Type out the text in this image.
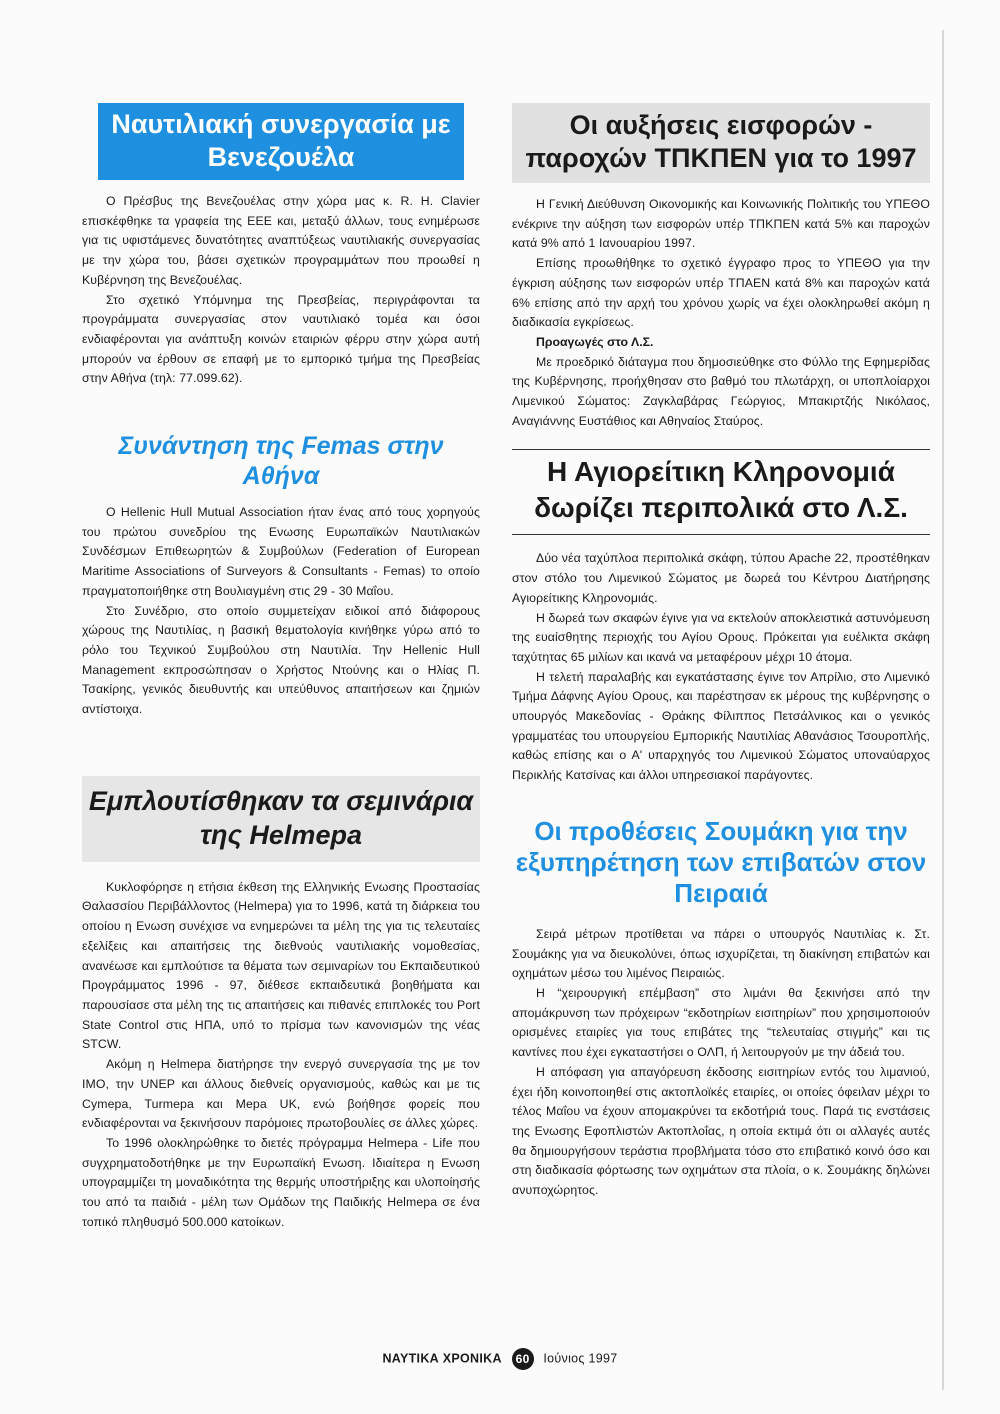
Ναυτιλιακή συνεργασία με Βενεζουέλα

Ο Πρέσβυς της Βενεζουέλας στην χώρα μας κ. R. H. Clavier επισκέφθηκε τα γραφεία της ΕΕΕ και, μεταξύ άλλων, τους ενημέρωσε για τις υφιστάμενες δυνατότητες αναπτύξεως ναυτιλιακής συνεργασίας με την χώρα του, βάσει σχετικών προγραμμάτων που προωθεί η Κυβέρνηση της Βενεζουέλας.

Στο σχετικό Υπόμνημα της Πρεσβείας, περιγράφονται τα προγράμματα συνεργασίας στον ναυτιλιακό τομέα και όσοι ενδιαφέρονται για ανάπτυξη κοινών εταιριών φέρρυ στην χώρα αυτή μπορούν να έρθουν σε επαφή με το εμπορικό τμήμα της Πρεσβείας στην Αθήνα (τηλ: 77.099.62).

Συνάντηση της Femas στην Αθήνα

Ο Hellenic Hull Mutual Association ήταν ένας από τους χορηγούς του πρώτου συνεδρίου της Ενωσης Ευρωπαϊκών Ναυτιλιακών Συνδέσμων Επιθεωρητών & Συμβούλων (Federation of European Maritime Associations of Surveyors & Consultants - Femas) το οποίο πραγματοποιήθηκε στη Βουλιαγμένη στις 29 - 30 Μαΐου.

Στο Συνέδριο, στο οποίο συμμετείχαν ειδικοί από διάφορους χώρους της Ναυτιλίας, η βασική θεματολογία κινήθηκε γύρω από το ρόλο του Τεχνικού Συμβούλου στη Ναυτιλία. Την Hellenic Hull Management εκπροσώπησαν ο Χρήστος Ντούνης και ο Ηλίας Π. Τσακίρης, γενικός διευθυντής και υπεύθυνος απαιτήσεων και ζημιών αντίστοιχα.

Εμπλουτίσθηκαν τα σεμινάρια της Helmepa

Κυκλοφόρησε η ετήσια έκθεση της Ελληνικής Ενωσης Προστασίας Θαλασσίου Περιβάλλοντος (Helmepa) για το 1996, κατά τη διάρκεια του οποίου η Ενωση συνέχισε να ενημερώνει τα μέλη της για τις τελευταίες εξελίξεις και απαιτήσεις της διεθνούς ναυτιλιακής νομοθεσίας, ανανέωσε και εμπλούτισε τα θέματα των σεμιναρίων του Εκπαιδευτικού Προγράμματος 1996 - 97, διέθεσε εκπαιδευτικά βοηθήματα και παρουσίασε στα μέλη της τις απαιτήσεις και πιθανές επιπλοκές του Port State Control στις ΗΠΑ, υπό το πρίσμα των κανονισμών της νέας STCW.

Ακόμη η Helmepa διατήρησε την ενεργό συνεργασία της με τον IMO, την UNEP και άλλους διεθνείς οργανισμούς, καθώς και με τις Cymepa, Turmepa και Mepa UK, ενώ βοήθησε φορείς που ενδιαφέρονται να ξεκινήσουν παρόμοιες πρωτοβουλίες σε άλλες χώρες.

Το 1996 ολοκληρώθηκε το διετές πρόγραμμα Helmepa - Life που συγχρηματοδοτήθηκε με την Ευρωπαϊκή Ενωση. Ιδιαίτερα η Ενωση υπογραμμίζει τη μοναδικότητα της θερμής υποστήριξης και υλοποίησής του από τα παιδιά - μέλη των Ομάδων της Παιδικής Helmepa σε ένα τοπικό πληθυσμό 500.000 κατοίκων.

Οι αυξήσεις εισφορών - παροχών ΤΠΚΠΕΝ για το 1997

Η Γενική Διεύθυνση Οικονομικής και Κοινωνικής Πολιτικής του ΥΠΕΘΟ ενέκρινε την αύξηση των εισφορών υπέρ ΤΠΚΠΕΝ κατά 5% και παροχών κατά 9% από 1 Ιανουαρίου 1997.

Επίσης προωθήθηκε το σχετικό έγγραφο προς το ΥΠΕΘΟ για την έγκριση αύξησης των εισφορών υπέρ ΤΠΑΕΝ κατά 8% και παροχών κατά 6% επίσης από την αρχή του χρόνου χωρίς να έχει ολοκληρωθεί ακόμη η διαδικασία εγκρίσεως.

Προαγωγές στο Λ.Σ.

Με προεδρικό διάταγμα που δημοσιεύθηκε στο Φύλλο της Εφημερίδας της Κυβέρνησης, προήχθησαν στο βαθμό του πλωτάρχη, οι υποπλοίαρχοι Λιμενικού Σώματος: Ζαγκλαβάρας Γεώργιος, Μπακιρτζής Νικόλαος, Αναγιάννης Ευστάθιος και Αθηναίος Σταύρος.

Η Αγιορείτικη Κληρονομιά δωρίζει περιπολικά στο Λ.Σ.

Δύο νέα ταχύπλοα περιπολικά σκάφη, τύπου Apache 22, προστέθηκαν στον στόλο του Λιμενικού Σώματος με δωρεά του Κέντρου Διατήρησης Αγιορείτικης Κληρονομιάς.

Η δωρεά των σκαφών έγινε για να εκτελούν αποκλειστικά αστυνόμευση της ευαίσθητης περιοχής του Αγίου Ορους. Πρόκειται για ευέλικτα σκάφη ταχύτητας 65 μιλίων και ικανά να μεταφέρουν μέχρι 10 άτομα.

Η τελετή παραλαβής και εγκατάστασης έγινε τον Απρίλιο, στο Λιμενικό Τμήμα Δάφνης Αγίου Ορους, και παρέστησαν εκ μέρους της κυβέρνησης ο υπουργός Μακεδονίας - Θράκης Φίλιππος Πετσάλνικος και ο γενικός γραμματέας του υπουργείου Εμπορικής Ναυτιλίας Αθανάσιος Τσουροπλής, καθώς επίσης και ο Α' υπαρχηγός του Λιμενικού Σώματος υποναύαρχος Περικλής Κατσίνας και άλλοι υπηρεσιακοί παράγοντες.

Οι προθέσεις Σουμάκη για την εξυπηρέτηση των επιβατών στον Πειραιά

Σειρά μέτρων προτίθεται να πάρει ο υπουργός Ναυτιλίας κ. Στ. Σουμάκης για να διευκολύνει, όπως ισχυρίζεται, τη διακίνηση επιβατών και οχημάτων μέσω του λιμένος Πειραιώς.

Η “χειρουργική επέμβαση” στο λιμάνι θα ξεκινήσει από την απομάκρυνση των πρόχειρων “εκδοτηρίων εισιτηρίων” που χρησιμοποιούν ορισμένες εταιρίες για τους επιβάτες της “τελευταίας στιγμής” και τις καντίνες που έχει εγκαταστήσει ο ΟΛΠ, ή λειτουργούν με την άδειά του.

Η απόφαση για απαγόρευση έκδοσης εισιτηρίων εντός του λιμανιού, έχει ήδη κοινοποιηθεί στις ακτοπλοϊκές εταιρίες, οι οποίες όφειλαν μέχρι το τέλος Μαΐου να έχουν απομακρύνει τα εκδοτήριά τους. Παρά τις ενστάσεις της Ενωσης Εφοπλιστών Ακτοπλοΐας, η οποία εκτιμά ότι οι αλλαγές αυτές θα δημιουργήσουν τεράστια προβλήματα τόσο στο επιβατικό κοινό όσο και στη διαδικασία φόρτωσης των οχημάτων στα πλοία, ο κ. Σουμάκης δηλώνει ανυποχώρητος.

ΝΑΥΤΙΚΑ ΧΡΟΝΙΚΑ 60 Ιούνιος 1997
